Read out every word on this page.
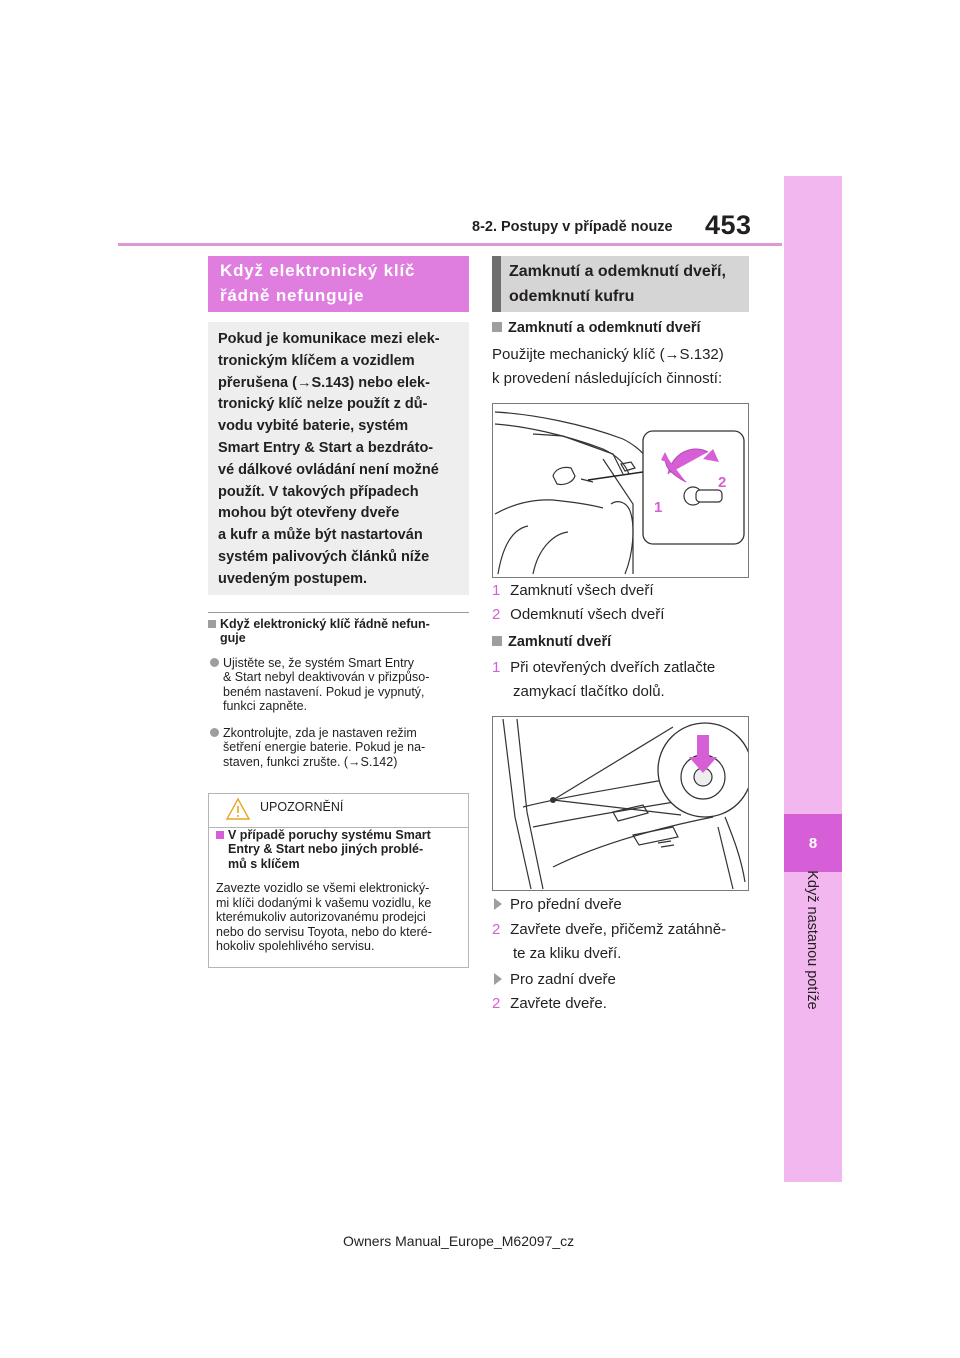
8-2. Postupy v případě nouze 453
8
Když nastanou potíže
Když elektronický klíč
řádně nefunguje
Pokud je komunikace mezi elek-
tronickým klíčem a vozidlem
přerušena (→S.143) nebo elek-
tronický klíč nelze použít z dů-
vodu vybité baterie, systém
Smart Entry & Start a bezdráto-
vé dálkové ovládání není možné
použít. V takových případech
mohou být otevřeny dveře
a kufr a může být nastartován
systém palivových článků níže
uvedeným postupem.
Když elektronický klíč řádně nefun-
guje
Ujistěte se, že systém Smart Entry
& Start nebyl deaktivován v přizpůso-
beném nastavení. Pokud je vypnutý,
funkci zapněte.
Zkontrolujte, zda je nastaven režim
šetření energie baterie. Pokud je na-
staven, funkci zrušte. (→S.142)
UPOZORNĚNÍ
V případě poruchy systému Smart
Entry & Start nebo jiných problé-
mů s klíčem
Zavezte vozidlo se všemi elektronický-
mi klíči dodanými k vašemu vozidlu, ke
kterémukoliv autorizovanému prodejci
nebo do servisu Toyota, nebo do které-
hokoliv spolehlivého servisu.
Zamknutí a odemknutí dveří,
odemknutí kufru
Zamknutí a odemknutí dveří
Použijte mechanický klíč (→S.132)
k provedení následujících činností:
1
2
1 Zamknutí všech dveří
2 Odemknutí všech dveří
Zamknutí dveří
1 Při otevřených dveřích zatlačte
zamykací tlačítko dolů.
Pro přední dveře
2 Zavřete dveře, přičemž zatáhně-
te za kliku dveří.
Pro zadní dveře
2 Zavřete dveře.
Owners Manual_Europe_M62097_cz
